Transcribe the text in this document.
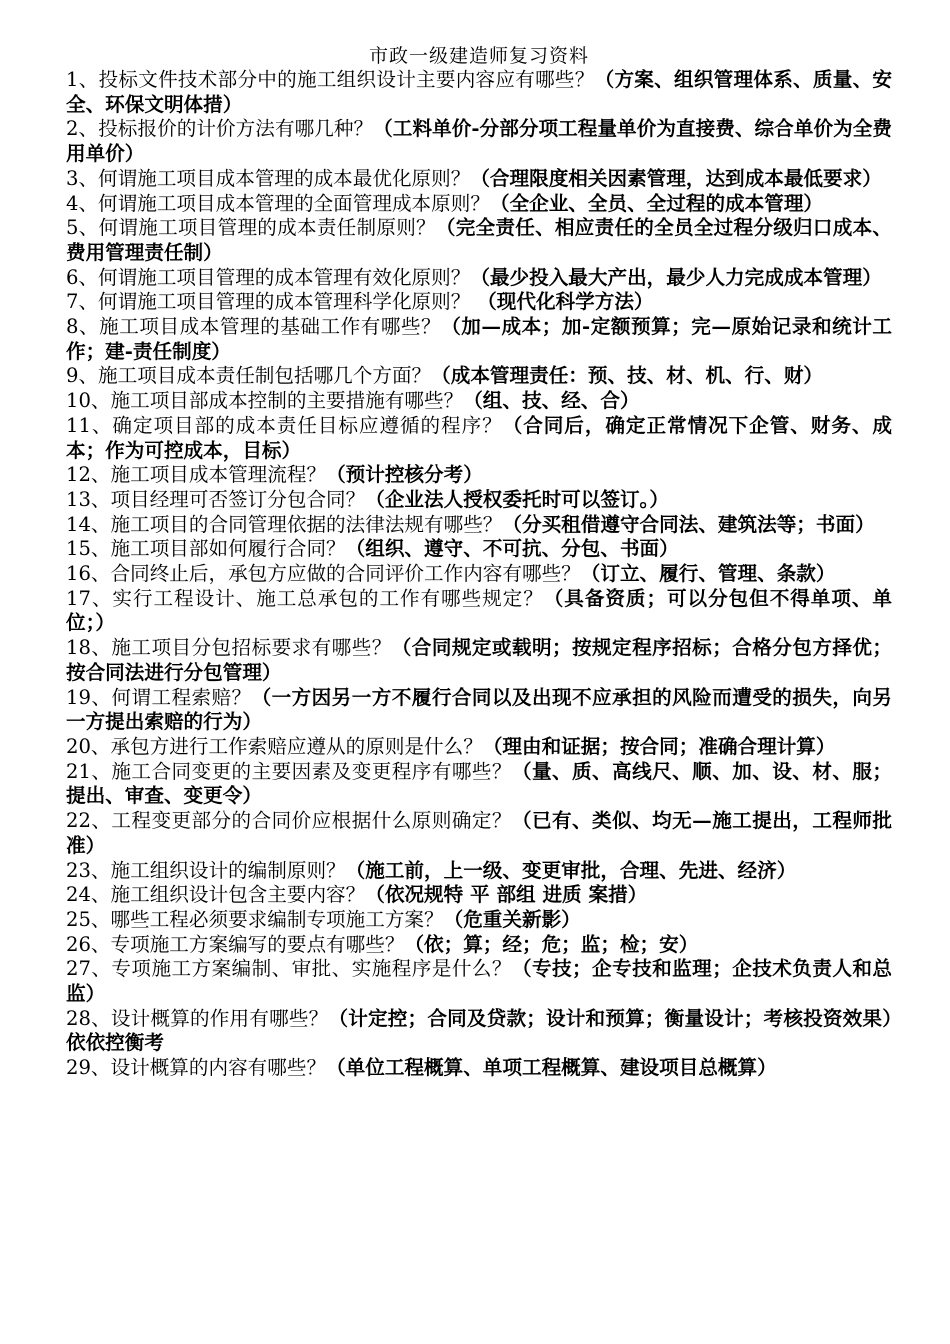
市政一级建造师复习资料
1、投标文件技术部分中的施工组织设计主要内容应有哪些？（方案、组织管理体系、质量、安全、环保文明体措）
2、投标报价的计价方法有哪几种？（工料单价-分部分项工程量单价为直接费、综合单价为全费用单价）
3、何谓施工项目成本管理的成本最优化原则？（合理限度相关因素管理，达到成本最低要求）
4、何谓施工项目成本管理的全面管理成本原则？（全企业、全员、全过程的成本管理）
5、何谓施工项目管理的成本责任制原则？（完全责任、相应责任的全员全过程分级归口成本、费用管理责任制）
6、何谓施工项目管理的成本管理有效化原则？（最少投入最大产出，最少人力完成成本管理）
7、何谓施工项目管理的成本管理科学化原则？ （现代化科学方法）
8、施工项目成本管理的基础工作有哪些？（加—成本；加-定额预算；完—原始记录和统计工作；建-责任制度）
9、施工项目成本责任制包括哪几个方面？（成本管理责任：预、技、材、机、行、财）
10、施工项目部成本控制的主要措施有哪些？（组、技、经、合）
11、确定项目部的成本责任目标应遵循的程序？（合同后，确定正常情况下企管、财务、成本；作为可控成本，目标）
12、施工项目成本管理流程？（预计控核分考）
13、项目经理可否签订分包合同？（企业法人授权委托时可以签订。）
14、施工项目的合同管理依据的法律法规有哪些？（分买租借遵守合同法、建筑法等；书面）
15、施工项目部如何履行合同？（组织、遵守、不可抗、分包、书面）
16、合同终止后，承包方应做的合同评价工作内容有哪些？（订立、履行、管理、条款）
17、实行工程设计、施工总承包的工作有哪些规定？（具备资质；可以分包但不得单项、单位；）
18、施工项目分包招标要求有哪些？（合同规定或载明；按规定程序招标；合格分包方择优；按合同法进行分包管理）
19、何谓工程索赔？（一方因另一方不履行合同以及出现不应承担的风险而遭受的损失，向另一方提出索赔的行为）
20、承包方进行工作索赔应遵从的原则是什么？（理由和证据；按合同；准确合理计算）
21、施工合同变更的主要因素及变更程序有哪些？（量、质、高线尺、顺、加、设、材、服；提出、审查、变更令）
22、工程变更部分的合同价应根据什么原则确定？（已有、类似、均无—施工提出，工程师批准）
23、施工组织设计的编制原则？（施工前，上一级、变更审批，合理、先进、经济）
24、施工组织设计包含主要内容？（依况规特 平 部组 进质 案措）
25、哪些工程必须要求编制专项施工方案？（危重关新影）
26、专项施工方案编写的要点有哪些？（依；算；经；危；监；检；安）
27、专项施工方案编制、审批、实施程序是什么？（专技；企专技和监理；企技术负责人和总监）
28、设计概算的作用有哪些？（计定控；合同及贷款；设计和预算；衡量设计；考核投资效果）依依控衡考
29、设计概算的内容有哪些？（单位工程概算、单项工程概算、建设项目总概算）
